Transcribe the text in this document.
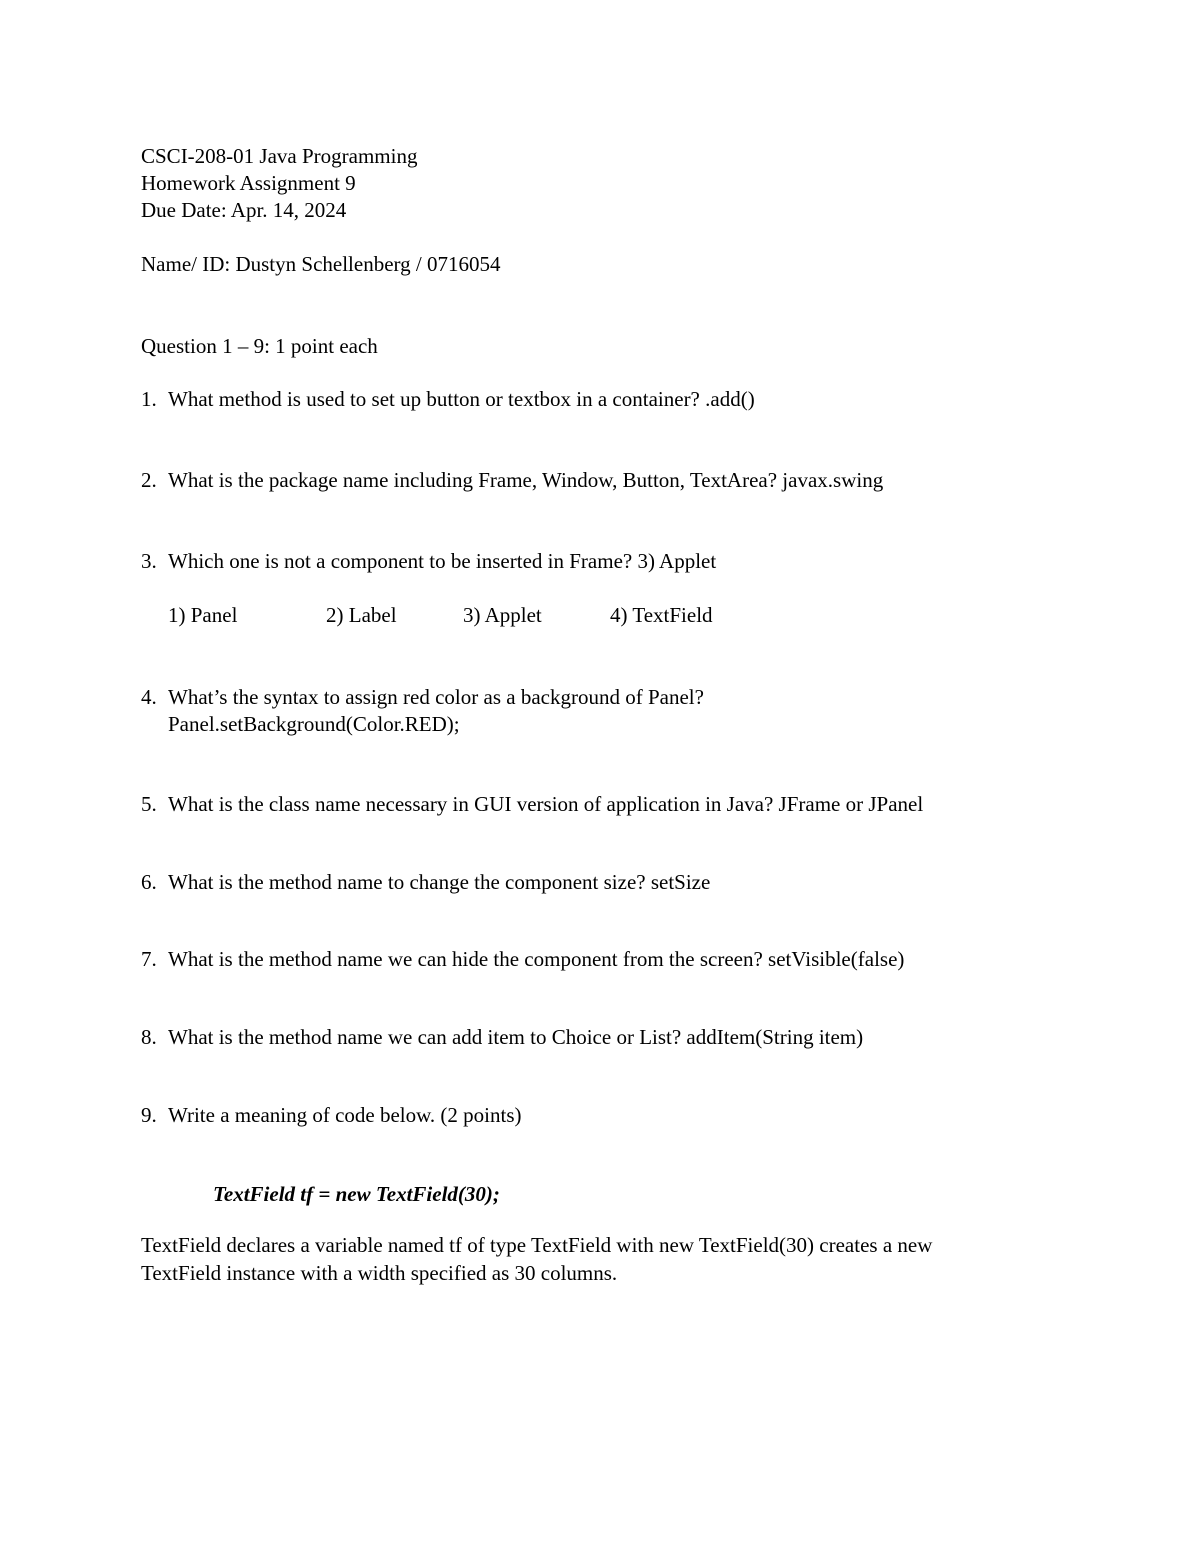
CSCI-208-01 Java Programming
Homework Assignment 9
Due Date: Apr. 14, 2024
Name/ ID: Dustyn Schellenberg / 0716054
Question 1 – 9: 1 point each
1. What method is used to set up button or textbox in a container? .add()
2. What is the package name including Frame, Window, Button, TextArea? javax.swing
3. Which one is not a component to be inserted in Frame? 3) Applet
1) Panel	2) Label	3) Applet	4) TextField
4. What’s the syntax to assign red color as a background of Panel?
Panel.setBackground(Color.RED);
5. What is the class name necessary in GUI version of application in Java? JFrame or JPanel
6. What is the method name to change the component size? setSize
7. What is the method name we can hide the component from the screen? setVisible(false)
8. What is the method name we can add item to Choice or List? addItem(String item)
9. Write a meaning of code below. (2 points)
TextField tf = new TextField(30);
TextField declares a variable named tf of type TextField with new TextField(30) creates a new
TextField instance with a width specified as 30 columns.
